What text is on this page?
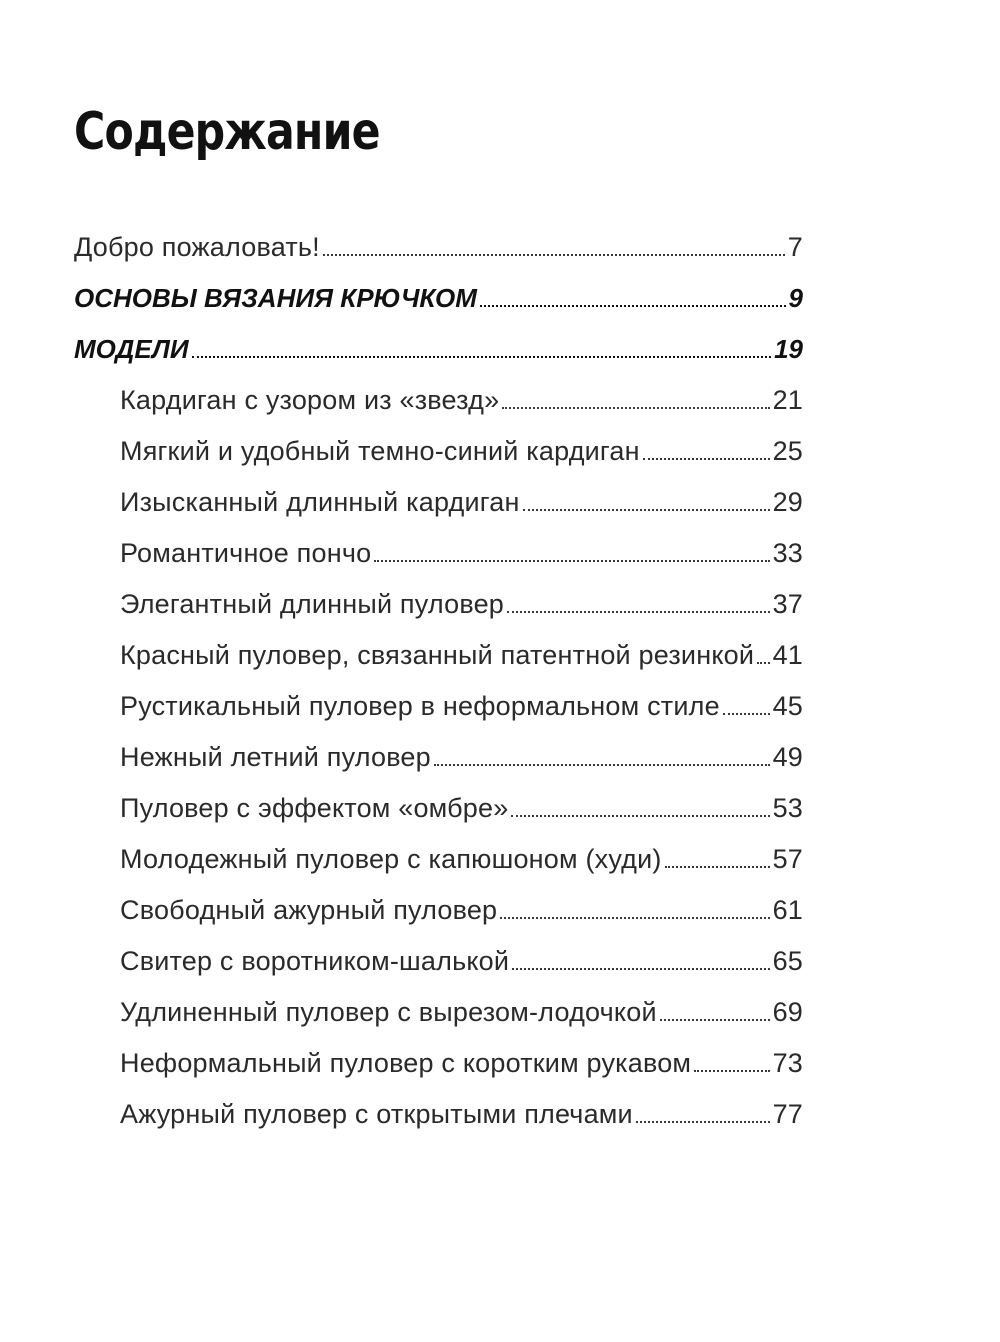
Содержание
Добро пожаловать!	7
ОСНОВЫ ВЯЗАНИЯ КРЮЧКОМ	9
МОДЕЛИ	19
Кардиган с узором из «звезд»	21
Мягкий и удобный темно-синий кардиган	25
Изысканный длинный кардиган	29
Романтичное пончо	33
Элегантный длинный пуловер	37
Красный пуловер, связанный патентной резинкой 41
Рустикальный пуловер в неформальном стиле 45
Нежный летний пуловер	49
Пуловер с эффектом «омбре»	53
Молодежный пуловер с капюшоном (худи)	57
Свободный ажурный пуловер	61
Свитер с воротником-шалькой	65
Удлиненный пуловер с вырезом-лодочкой	69
Неформальный пуловер с коротким рукавом	73
Ажурный пуловер с открытыми плечами	77
